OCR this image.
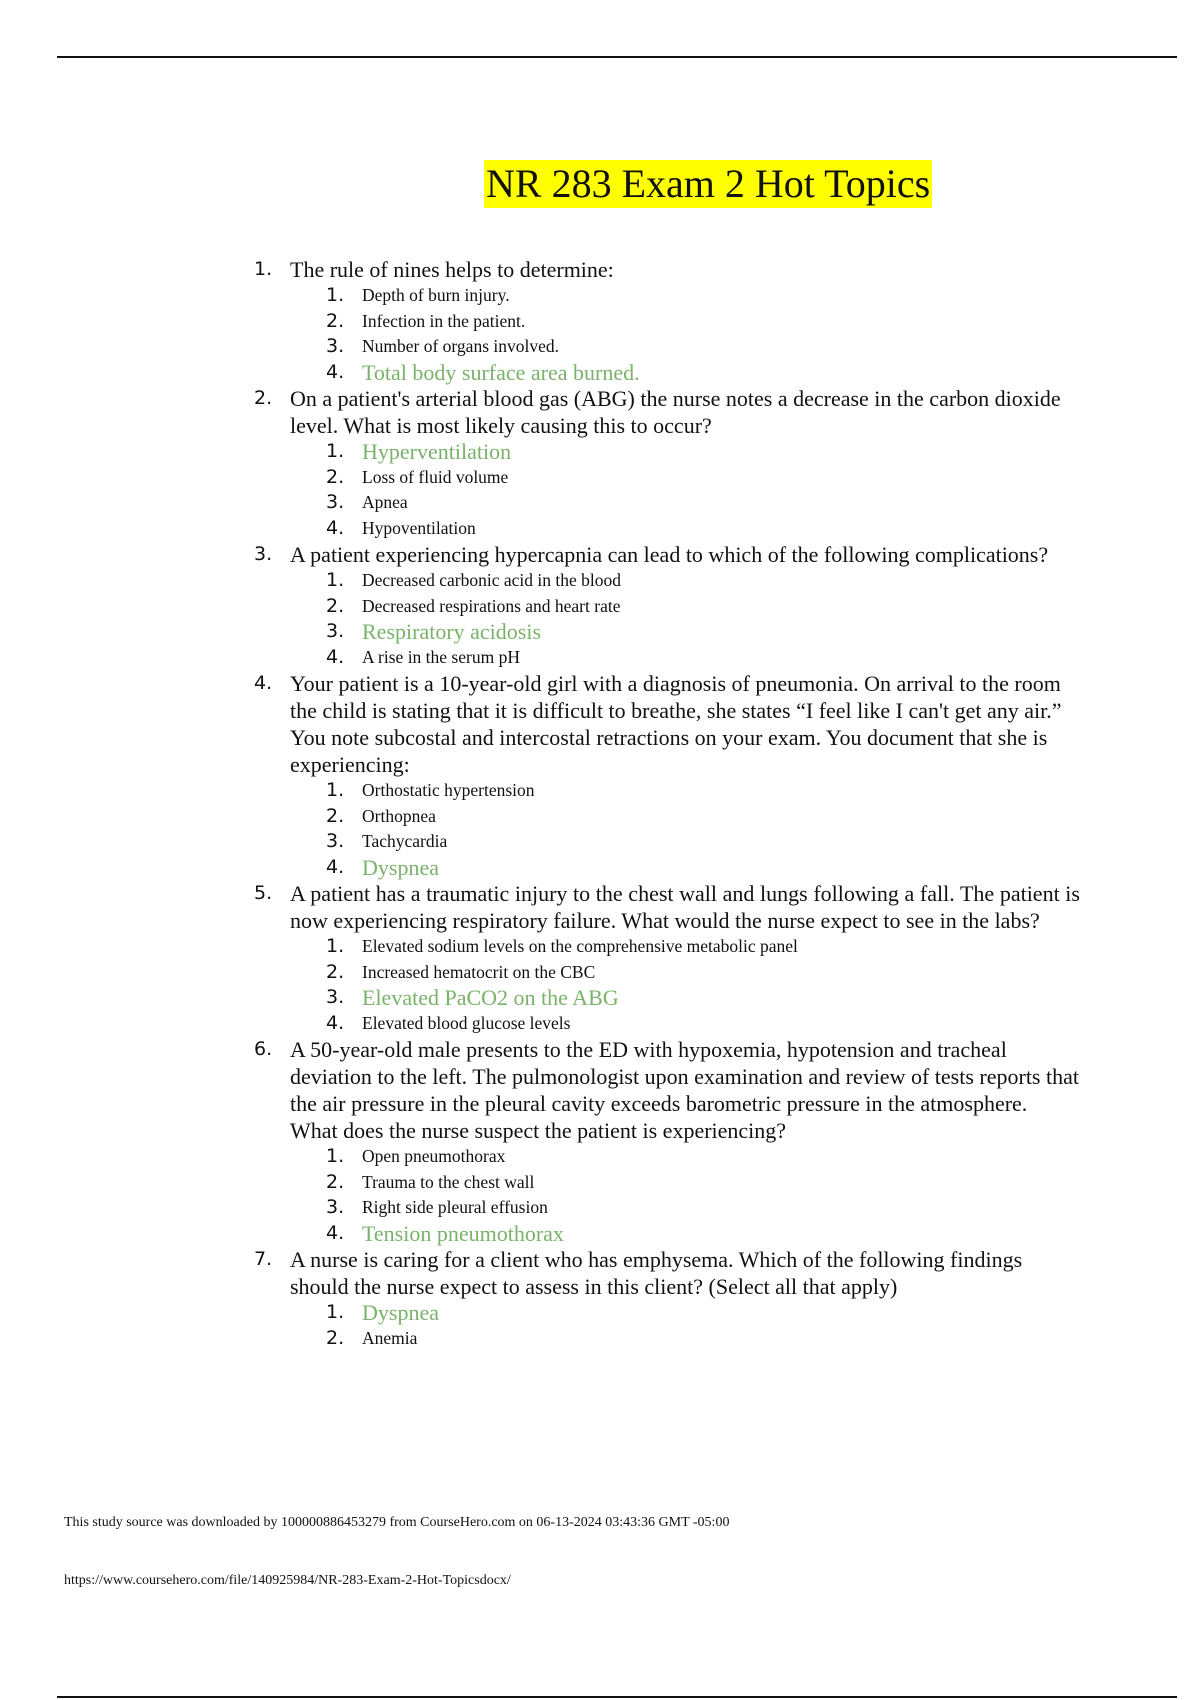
NR 283 Exam 2 Hot Topics
1. The rule of nines helps to determine:
1. Depth of burn injury.
2. Infection in the patient.
3. Number of organs involved.
4. Total body surface area burned.
2. On a patient's arterial blood gas (ABG) the nurse notes a decrease in the carbon dioxide level. What is most likely causing this to occur?
1. Hyperventilation
2. Loss of fluid volume
3. Apnea
4. Hypoventilation
3. A patient experiencing hypercapnia can lead to which of the following complications?
1. Decreased carbonic acid in the blood
2. Decreased respirations and heart rate
3. Respiratory acidosis
4. A rise in the serum pH
4. Your patient is a 10-year-old girl with a diagnosis of pneumonia. On arrival to the room the child is stating that it is difficult to breathe, she states “I feel like I can't get any air.” You note subcostal and intercostal retractions on your exam. You document that she is experiencing:
1. Orthostatic hypertension
2. Orthopnea
3. Tachycardia
4. Dyspnea
5. A patient has a traumatic injury to the chest wall and lungs following a fall. The patient is now experiencing respiratory failure. What would the nurse expect to see in the labs?
1. Elevated sodium levels on the comprehensive metabolic panel
2. Increased hematocrit on the CBC
3. Elevated PaCO2 on the ABG
4. Elevated blood glucose levels
6. A 50-year-old male presents to the ED with hypoxemia, hypotension and tracheal deviation to the left. The pulmonologist upon examination and review of tests reports that the air pressure in the pleural cavity exceeds barometric pressure in the atmosphere. What does the nurse suspect the patient is experiencing?
1. Open pneumothorax
2. Trauma to the chest wall
3. Right side pleural effusion
4. Tension pneumothorax
7. A nurse is caring for a client who has emphysema. Which of the following findings should the nurse expect to assess in this client? (Select all that apply)
1. Dyspnea
2. Anemia
This study source was downloaded by 100000886453279 from CourseHero.com on 06-13-2024 03:43:36 GMT -05:00
https://www.coursehero.com/file/140925984/NR-283-Exam-2-Hot-Topicsdocx/
